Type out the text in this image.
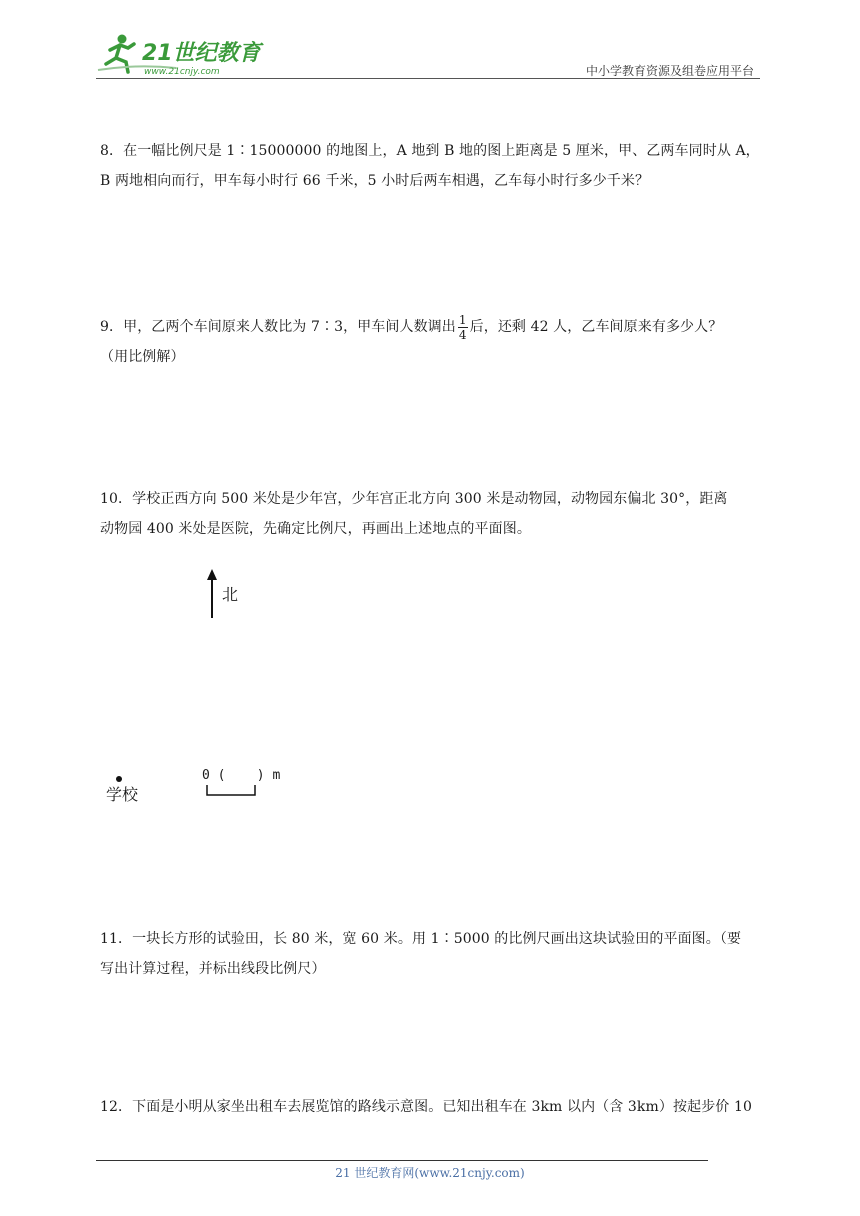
21世纪教育
www.21cnjy.com	中小学教育资源及组卷应用平台

8．在一幅比例尺是 1∶15000000 的地图上，A 地到 B 地的图上距离是 5 厘米，甲、乙两车同时从 A，

B 两地相向而行，甲车每小时行 66 千米，5 小时后两车相遇，乙车每小时行多少千米？

9．甲，乙两个车间原来人数比为 7∶3，甲车间人数调出 $\frac{1}{4}$ 后，还剩 42 人，乙车间原来有多少人？

（用比例解）

10．学校正西方向 500 米处是少年宫，少年宫正北方向 300 米是动物园，动物园东偏北 30°，距离

动物园 400 米处是医院，先确定比例尺，再画出上述地点的平面图。

北
学校
0 (    ) m

11．一块长方形的试验田，长 80 米，宽 60 米。用 1∶5000 的比例尺画出这块试验田的平面图。（要

写出计算过程，并标出线段比例尺）

12．下面是小明从家坐出租车去展览馆的路线示意图。已知出租车在 3km 以内（含 3km）按起步价 10

21 世纪教育网(www.21cnjy.com)
